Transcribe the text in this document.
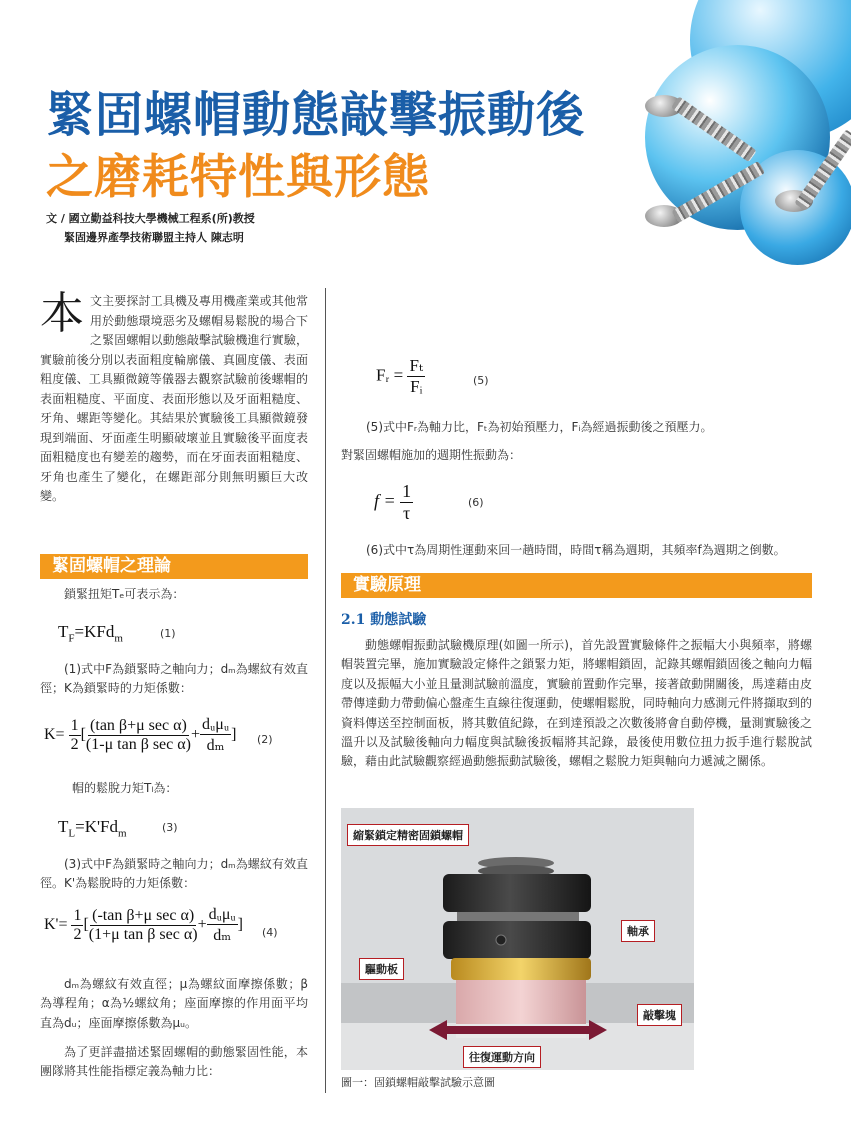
緊固螺帽動態敲擊振動後
之磨耗特性與形態
文 / 國立勤益科技大學機械工程系(所)教授
緊固邊界產學技術聯盟主持人 陳志明
本 文主要探討工具機及專用機產業或其他常用於動態環境惡劣及螺帽易鬆脫的場合下之緊固螺帽以動態敲擊試驗機進行實驗，實驗前後分別以表面粗度輪廓儀、真圓度儀、表面粗度儀、工具顯微鏡等儀器去觀察試驗前後螺帽的表面粗糙度、平面度、表面形態以及牙面粗糙度、牙角、螺距等變化。其結果於實驗後工具顯微鏡發現到端面、牙面產生明顯破壞並且實驗後平面度表面粗糙度也有變差的趨勢，而在牙面表面粗糙度、牙角也產生了變化，在螺距部分則無明顯巨大改變。
緊固螺帽之理論
鎖緊扭矩Tₑ可表示為：
$T_F=KFd_m$	(1)
(1)式中F為鎖緊時之軸向力；dₘ為螺紋有效直徑；K為鎖緊時的力矩係數：
$K= \frac{1}{2}$ [ $\frac{\text{(tan β+μ sec α)}}{\text{(1-μ tan β sec α)}} + \frac{\text{dᵤμᵤ}}{\text{dₘ}}$ ] (2)
帽的鬆脫力矩Tₗ為：
$T_L=K'Fd_m$	(3)
(3)式中F為鎖緊時之軸向力；dₘ為螺紋有效直徑。K'為鬆脫時的力矩係數：
$K'= \frac{1}{2}$ [ $\frac{\text{(-tan β+μ sec α)}}{\text{(1+μ tan β sec α)}} + \frac{\text{dᵤμᵤ}}{\text{dₘ}}$ ] (4)
dₘ為螺紋有效直徑；μ為螺紋面摩擦係數；β為導程角；α為½螺紋角；座面摩擦的作用面平均直為dᵤ；座面摩擦係數為μᵤ。
為了更詳盡描述緊固螺帽的動態緊固性能，本團隊將其性能指標定義為軸力比：
Fᵣ = $\frac{\text{Fₜ}}{\text{Fᵢ}}$	(5)
(5)式中Fᵣ為軸力比，Fₜ為初始預壓力，Fᵢ為經過振動後之預壓力。
對緊固螺帽施加的週期性振動為：
$f = \frac{1}{\tau}$	(6)
(6)式中τ為周期性運動來回一趟時間，時間τ稱為週期，其頻率f為週期之倒數。
實驗原理
2.1 動態試驗
動態螺帽振動試驗機原理(如圖一所示)，首先設置實驗條件之振幅大小與頻率，將螺帽裝置完畢，施加實驗設定條件之鎖緊力矩，將螺帽鎖固，記錄其螺帽鎖固後之軸向力幅度以及振幅大小並且量測試驗前溫度，實驗前置動作完畢，接著啟動開關後，馬達藉由皮帶傳達動力帶動偏心盤產生直線往復運動，使螺帽鬆脫，同時軸向力感測元件將擷取到的資料傳送至控制面板，將其數值紀錄，在到達預設之次數後將會自動停機，量測實驗後之溫升以及試驗後軸向力幅度與試驗後扳幅將其記錄，最後使用數位扭力扳手進行鬆脫試驗，藉由此試驗觀察經過動態振動試驗後，螺帽之鬆脫力矩與軸向力遞減之關係。
縮緊鎖定精密固鎖螺帽
軸承
驅動板
敲擊塊
往復運動方向
圖一：固鎖螺帽敲擊試驗示意圖
